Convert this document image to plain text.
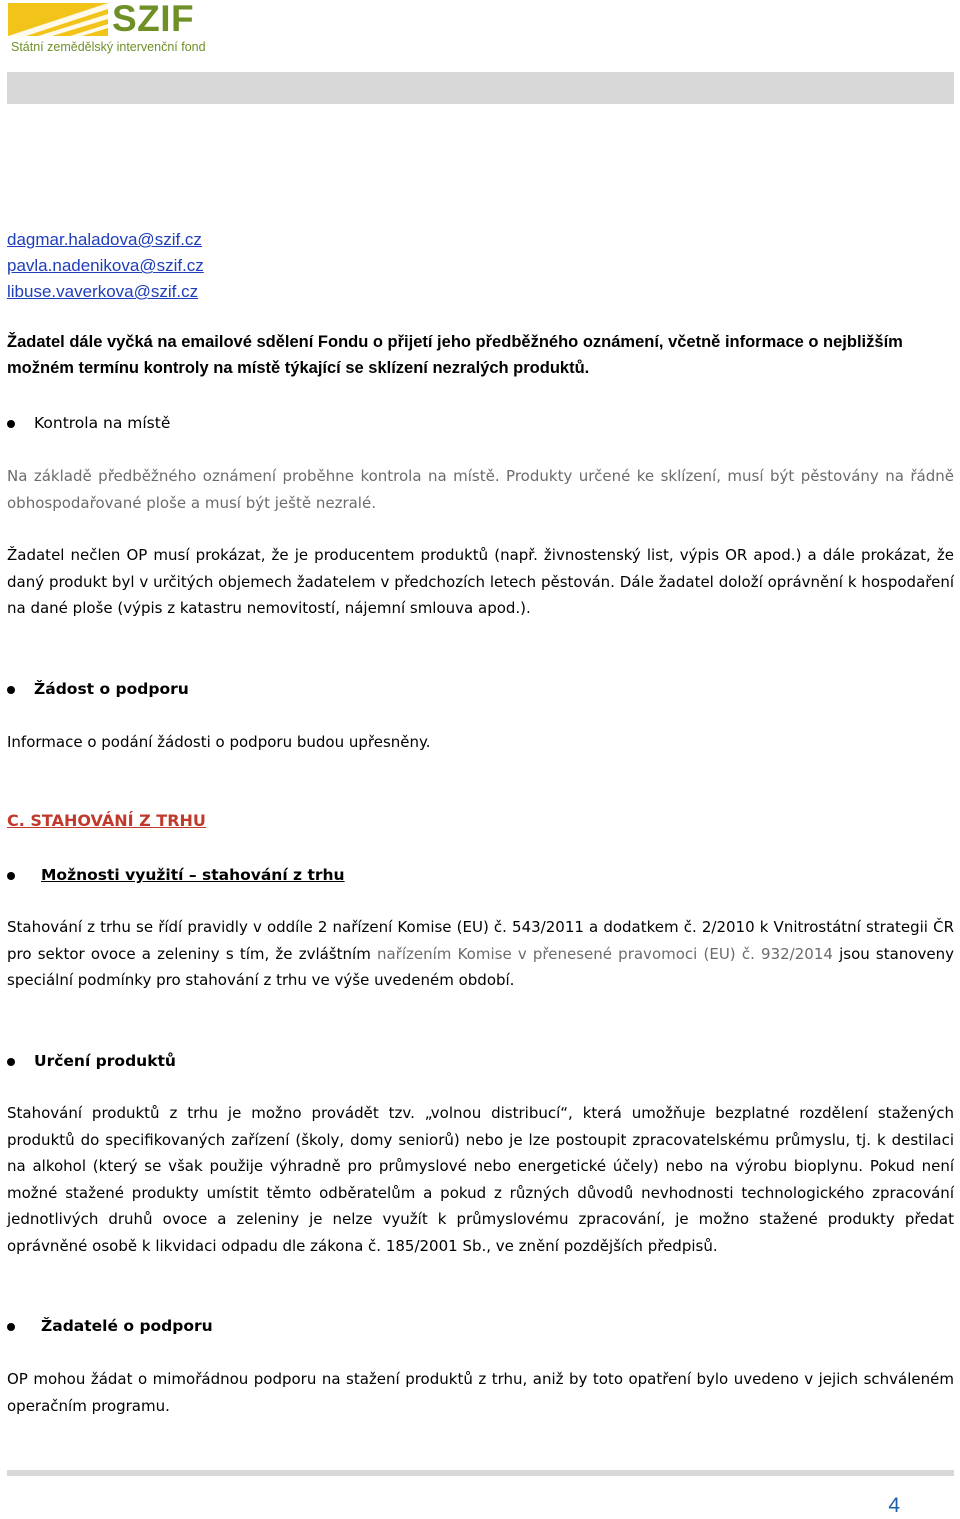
SZIF
Státní zemědělský intervenční fond
dagmar.haladova@szif.cz
pavla.nadenikova@szif.cz
libuse.vaverkova@szif.cz
Žadatel dále vyčká na emailové sdělení Fondu o přijetí jeho předběžného oznámení, včetně informace o nejbližším možném termínu kontroly na místě týkající se sklízení nezralých produktů.
Kontrola na místě
Na základě předběžného oznámení proběhne kontrola na místě. Produkty určené ke sklízení, musí být pěstovány na řádně obhospodařované ploše a musí být ještě nezralé.
Žadatel nečlen OP musí prokázat, že je producentem produktů (např. živnostenský list, výpis OR apod.) a dále prokázat, že daný produkt byl v určitých objemech žadatelem v předchozích letech pěstován. Dále žadatel doloží oprávnění k hospodaření na dané ploše (výpis z katastru nemovitostí, nájemní smlouva apod.).
Žádost o podporu
Informace o podání žádosti o podporu budou upřesněny.
C. STAHOVÁNÍ Z TRHU
Možnosti využití – stahování z trhu
Stahování z trhu se řídí pravidly v oddíle 2 nařízení Komise (EU) č. 543/2011 a dodatkem č. 2/2010 k Vnitrostátní strategii ČR pro sektor ovoce a zeleniny s tím, že zvláštním nařízením Komise v přenesené pravomoci (EU) č. 932/2014 jsou stanoveny speciální podmínky pro stahování z trhu ve výše uvedeném období.
Určení produktů
Stahování produktů z trhu je možno provádět tzv. „volnou distribucí“, která umožňuje bezplatné rozdělení stažených produktů do specifikovaných zařízení (školy, domy seniorů) nebo je lze postoupit zpracovatelskému průmyslu, tj. k destilaci na alkohol (který se však použije výhradně pro průmyslové nebo energetické účely) nebo na výrobu bioplynu. Pokud není možné stažené produkty umístit těmto odběratelům a pokud z různých důvodů nevhodnosti technologického zpracování jednotlivých druhů ovoce a zeleniny je nelze využít k průmyslovému zpracování, je možno stažené produkty předat oprávněné osobě k likvidaci odpadu dle zákona č. 185/2001 Sb., ve znění pozdějších předpisů.
Žadatelé o podporu
OP mohou žádat o mimořádnou podporu na stažení produktů z trhu, aniž by toto opatření bylo uvedeno v jejich schváleném operačním programu.
4
